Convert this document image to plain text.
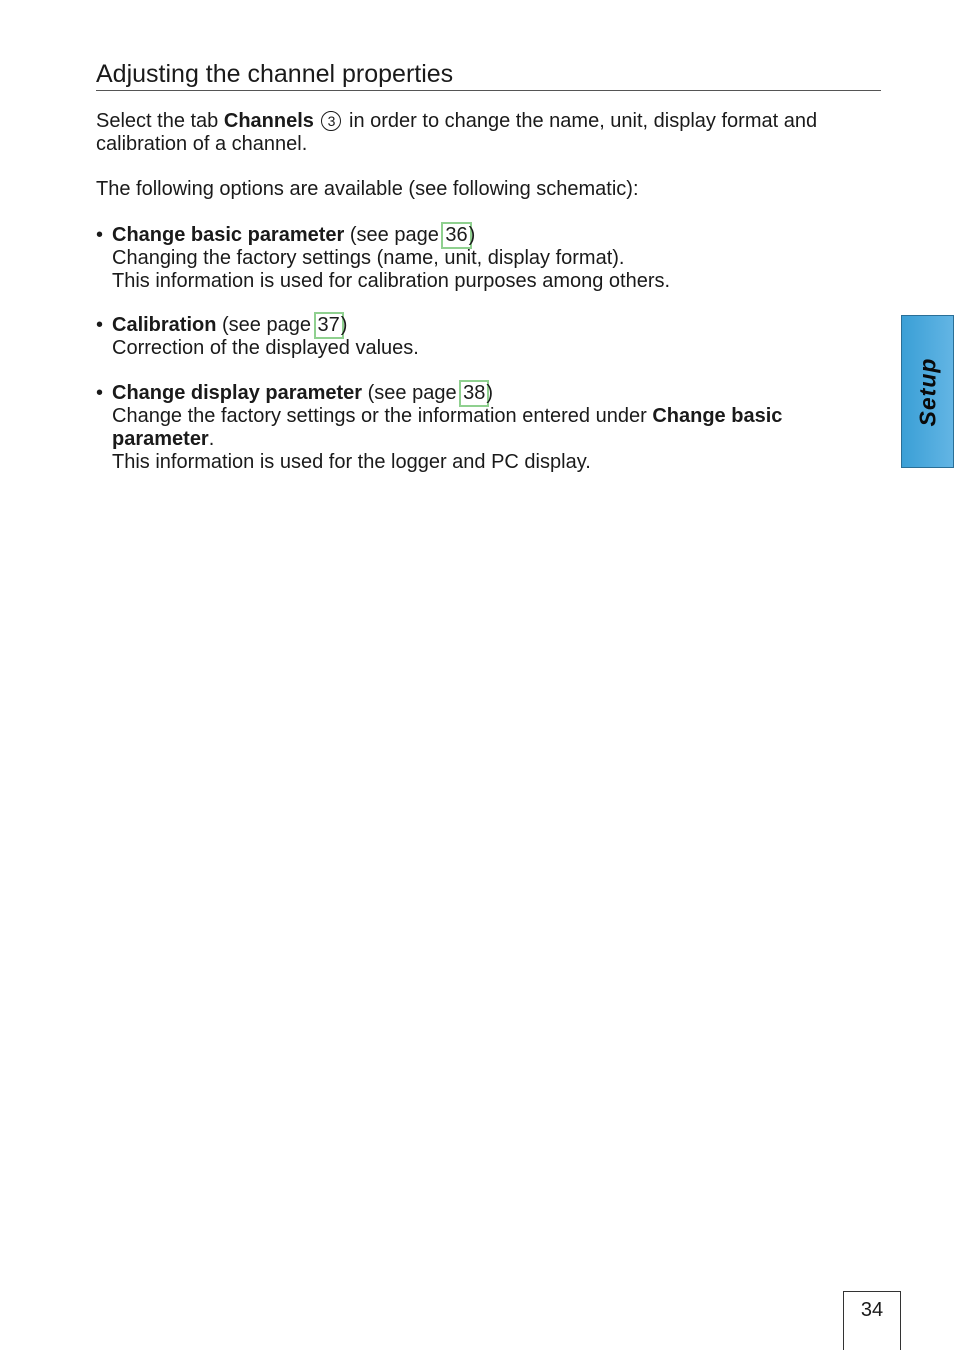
Adjusting the channel properties

Select the tab Channels 3 in order to change the name, unit, display format and calibration of a channel.

The following options are available (see following schematic):

• Change basic parameter (see page 36)
Changing the factory settings (name, unit, display format).
This information is used for calibration purposes among others.
• Calibration (see page 37)
Correction of the displayed values.
• Change display parameter (see page 38)
Change the factory settings or the information entered under Change basic parameter.
This information is used for the logger and PC display.
Setup
34
